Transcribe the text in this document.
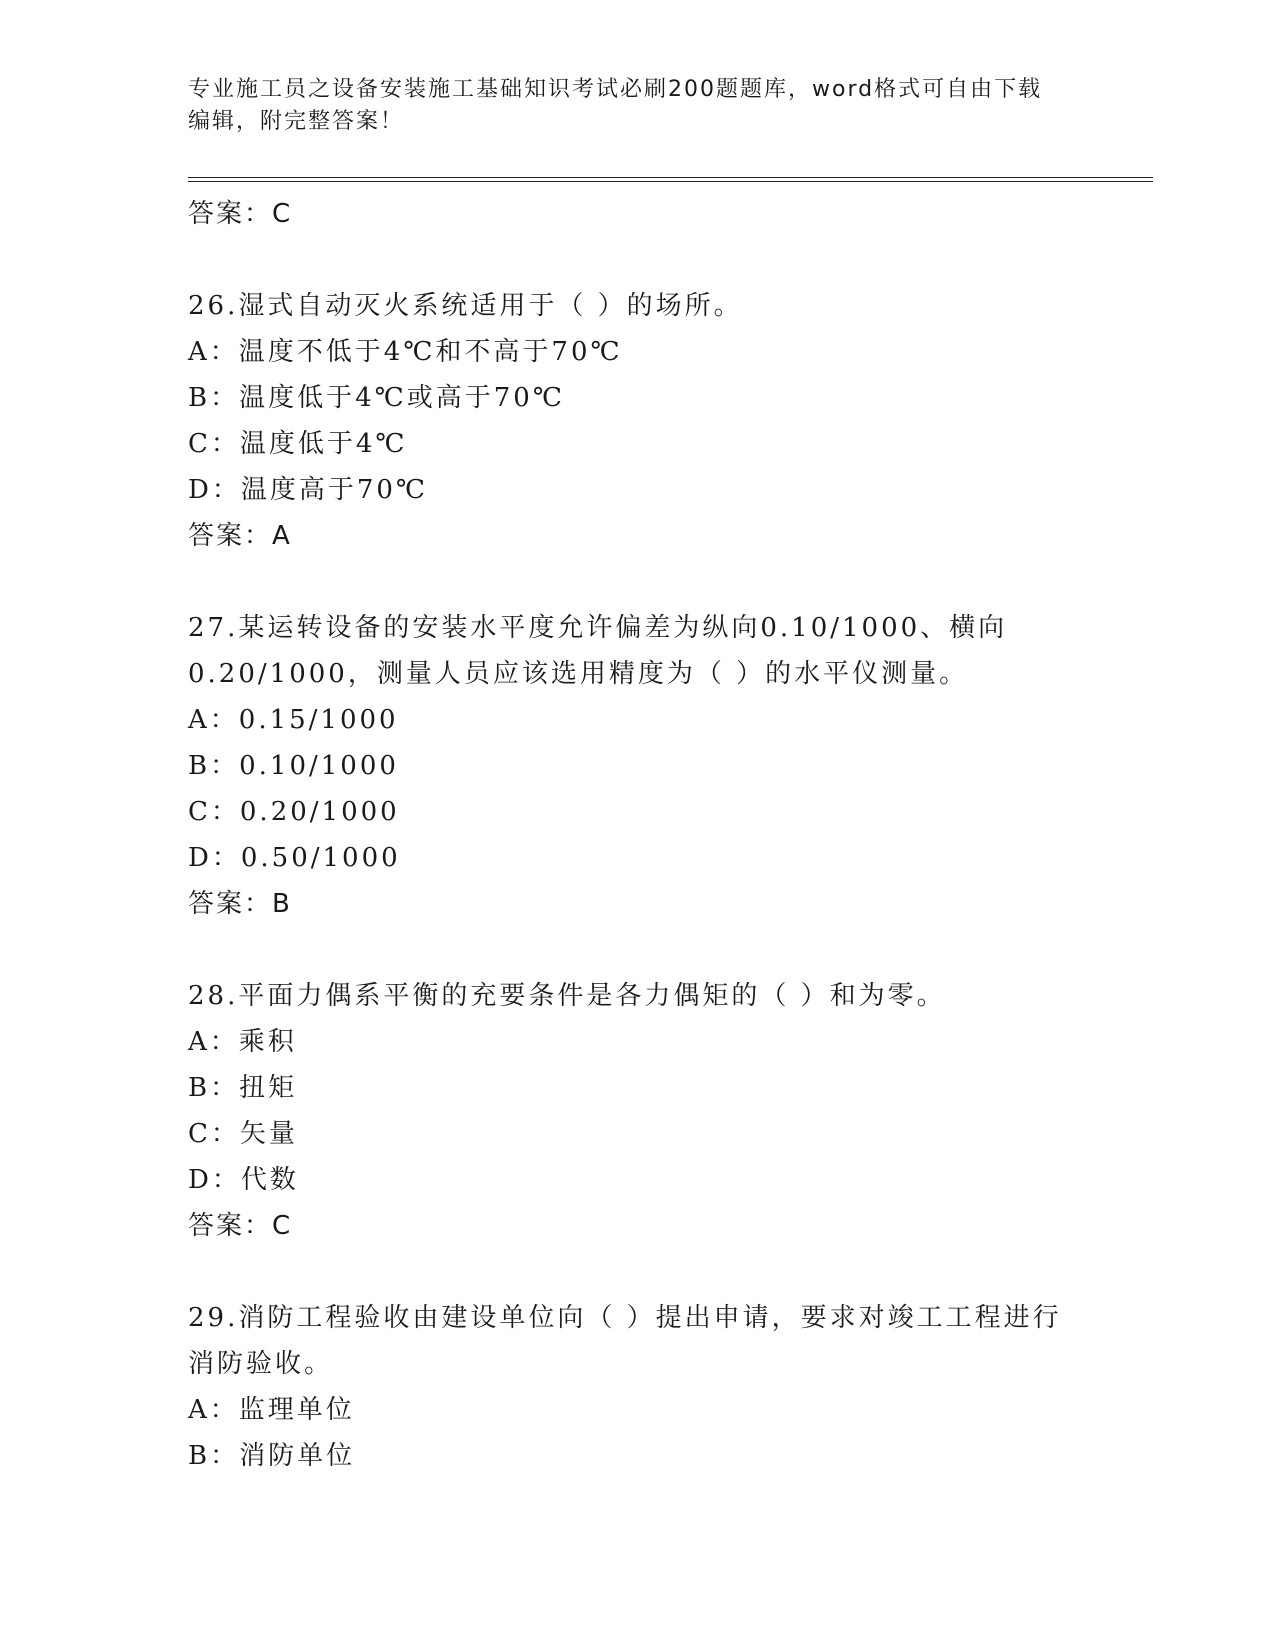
专业施工员之设备安装施工基础知识考试必刷200题题库，word格式可自由下载
编辑，附完整答案！
答案：C
26.湿式自动灭火系统适用于（ ）的场所。
A：温度不低于4℃和不高于70℃
B：温度低于4℃或高于70℃
C：温度低于4℃
D：温度高于70℃
答案：A
27.某运转设备的安装水平度允许偏差为纵向0.10/1000、横向
0.20/1000，测量人员应该选用精度为（ ）的水平仪测量。
A：0.15/1000
B：0.10/1000
C：0.20/1000
D：0.50/1000
答案：B
28.平面力偶系平衡的充要条件是各力偶矩的（ ）和为零。
A：乘积
B：扭矩
C：矢量
D：代数
答案：C
29.消防工程验收由建设单位向（ ）提出申请，要求对竣工工程进行
消防验收。
A：监理单位
B：消防单位
